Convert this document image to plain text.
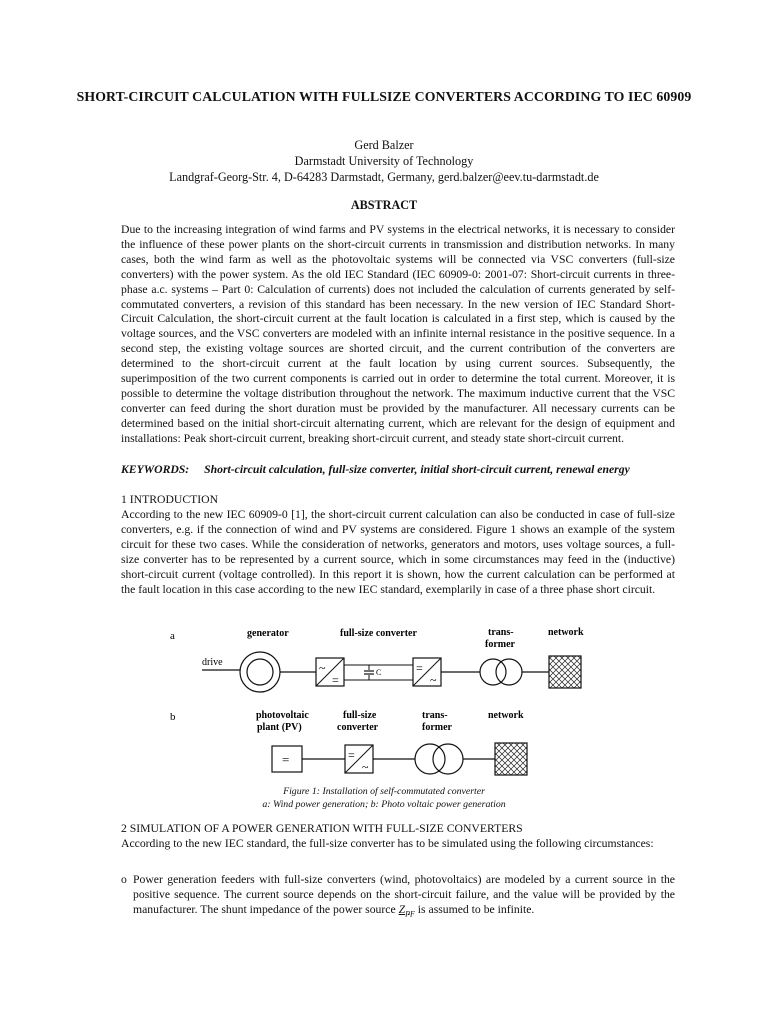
SHORT-CIRCUIT CALCULATION WITH FULLSIZE CONVERTERS ACCORDING TO IEC 60909
Gerd Balzer
Darmstadt University of Technology
Landgraf-Georg-Str. 4, D-64283 Darmstadt, Germany, gerd.balzer@eev.tu-darmstadt.de
ABSTRACT
Due to the increasing integration of wind farms and PV systems in the electrical networks, it is necessary to consider the influence of these power plants on the short-circuit currents in transmission and distribution networks. In many cases, both the wind farm as well as the photovoltaic systems will be connected via VSC converters (full-size converters) with the power system. As the old IEC Standard (IEC 60909-0: 2001-07: Short-circuit currents in three-phase a.c. systems – Part 0: Calculation of currents) does not included the calculation of currents generated by self-commutated converters, a revision of this standard has been necessary. In the new version of IEC Standard Short-Circuit Calculation, the short-circuit current at the fault location is calculated in a first step, which is caused by the voltage sources, and the VSC converters are modeled with an infinite internal resistance in the positive sequence. In a second step, the existing voltage sources are shorted circuit, and the current contribution of the converters are determined to the short-circuit current at the fault location by using current sources. Subsequently, the superimposition of the two current components is carried out in order to determine the total current. Moreover, it is possible to determine the voltage distribution throughout the network. The maximum inductive current that the VSC converter can feed during the short duration must be provided by the manufacturer. All necessary currents can be determined based on the initial short-circuit alternating current, which are relevant for the design of equipment and installations: Peak short-circuit current, breaking short-circuit current, and steady state short-circuit current.
KEYWORDS: Short-circuit calculation, full-size converter, initial short-circuit current, renewal energy
1 INTRODUCTION
According to the new IEC 60909-0 [1], the short-circuit current calculation can also be conducted in case of full-size converters, e.g. if the connection of wind and PV systems are considered. Figure 1 shows an example of the system circuit for these two cases. While the consideration of networks, generators and motors, uses voltage sources, a full-size converter has to be represented by a current source, which in some circumstances may feed in the (inductive) short-circuit current (voltage controlled). In this report it is shown, how the current calculation can be performed at the fault location in this case according to the new IEC standard, exemplarily in case of a three phase short circuit.
a	generator	full-size converter	trans-
former
network
drive	~
=
C	=
~
b	photovoltaic
plant (PV)
full-size
converter
trans-
former
network
=	=
~
Figure 1: Installation of self-commutated converter
a: Wind power generation; b: Photo voltaic power generation
2 SIMULATION OF A POWER GENERATION WITH FULL-SIZE CONVERTERS
According to the new IEC standard, the full-size converter has to be simulated using the following circumstances:
o Power generation feeders with full-size converters (wind, photovoltaics) are modeled by a current source in the positive sequence. The current source depends on the short-circuit failure, and the value will be provided by the manufacturer. The shunt impedance of the power source $Z_{PF}$ is assumed to be infinite.
